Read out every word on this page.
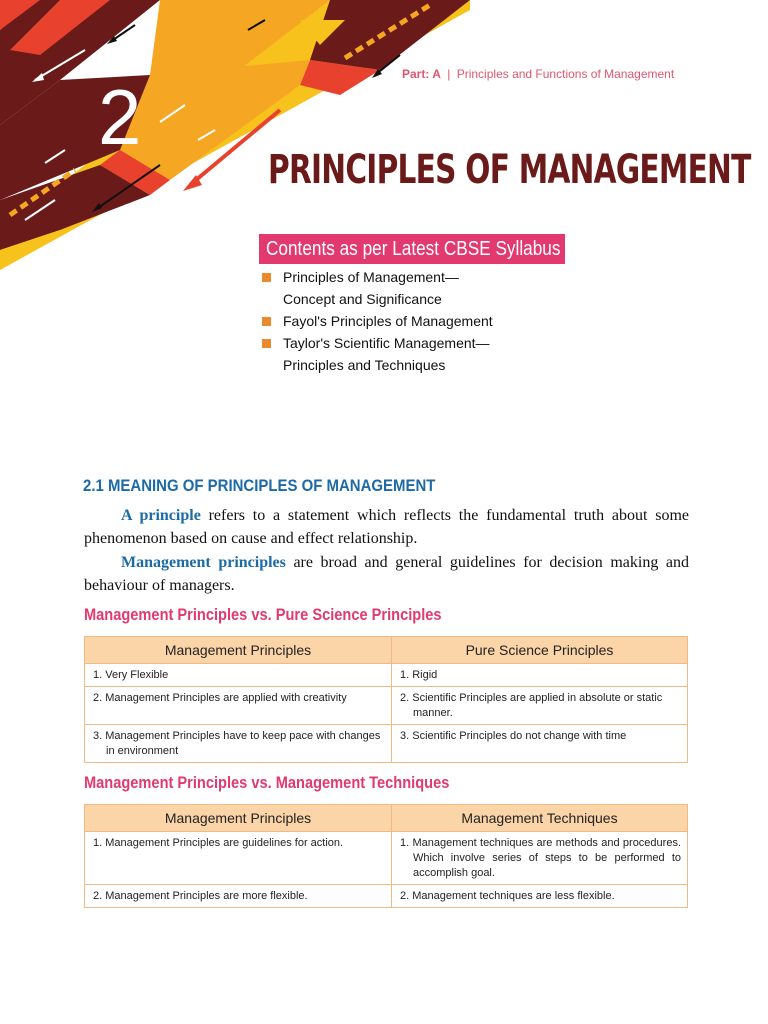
2	Part: A | Principles and Functions of Management
PRINCIPLES OF MANAGEMENT
Contents as per Latest CBSE Syllabus
Principles of Management—
Concept and Significance
Fayol's Principles of Management
Taylor's Scientific Management—
Principles and Techniques
2.1 MEANING OF PRINCIPLES OF MANAGEMENT
A principle refers to a statement which reflects the fundamental truth about some phenomenon based on cause and effect relationship.
Management principles are broad and general guidelines for decision making and behaviour of managers.
Management Principles vs. Pure Science Principles
Management Principles	Pure Science Principles

1. Very Flexible	1. Rigid

2. Management Principles are applied with creativity	2. Scientific Principles are applied in absolute or static manner.

3. Management Principles have to keep pace with changes in environment	3. Scientific Principles do not change with time
Management Principles vs. Management Techniques
Management Principles	Management Techniques

1. Management Principles are guidelines for action.	1. Management techniques are methods and procedures. Which involve series of steps to be performed to accomplish goal.

2. Management Principles are more flexible.	2. Management techniques are less flexible.
